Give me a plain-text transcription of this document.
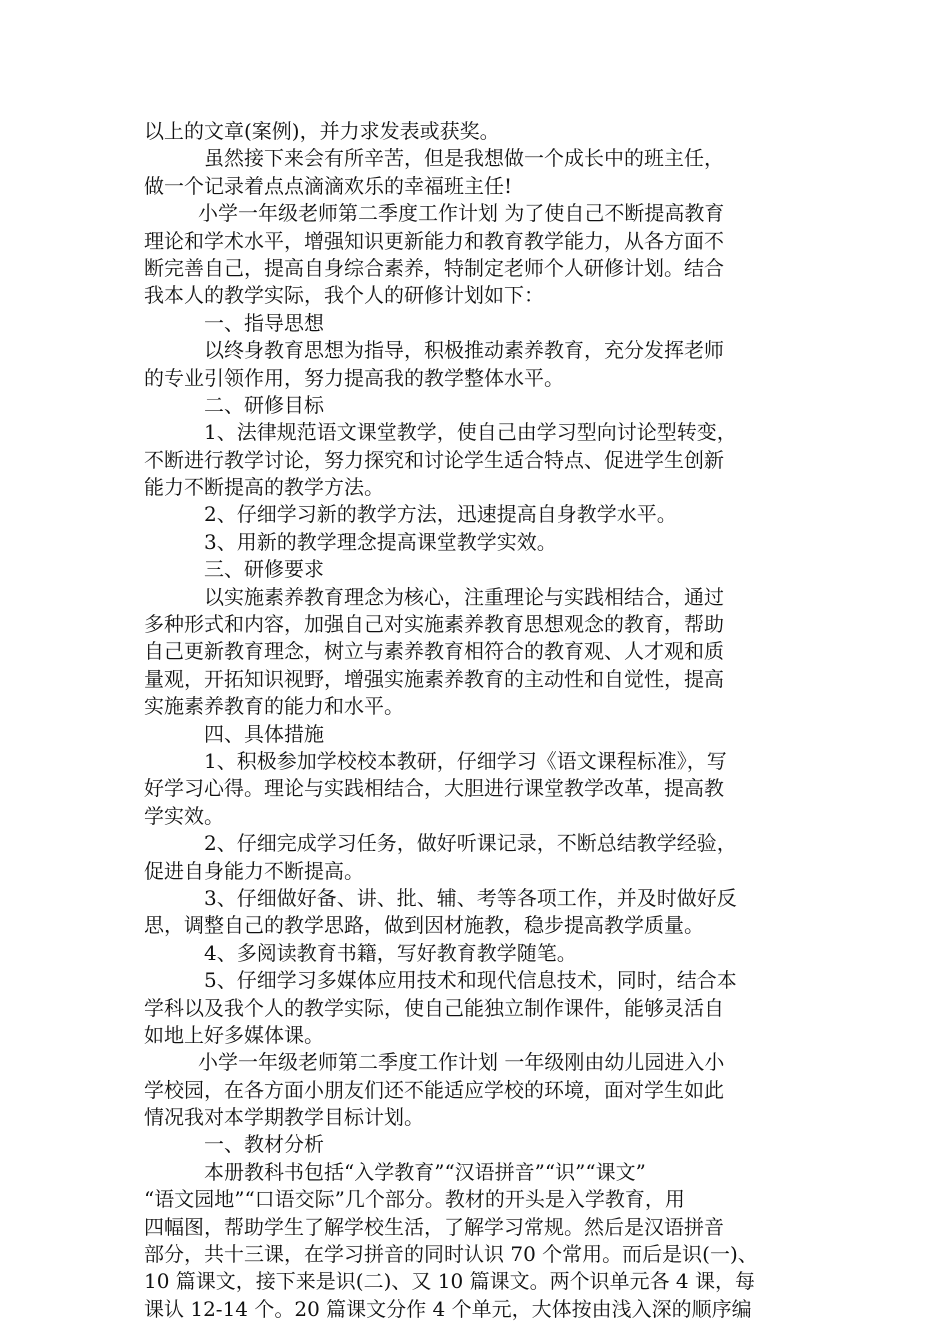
以上的文章(案例)，并力求发表或获奖。
虽然接下来会有所辛苦，但是我想做一个成长中的班主任，
做一个记录着点点滴滴欢乐的幸福班主任!
小学一年级老师第二季度工作计划 为了使自己不断提高教育
理论和学术水平，增强知识更新能力和教育教学能力，从各方面不
断完善自己，提高自身综合素养，特制定老师个人研修计划。结合
我本人的教学实际，我个人的研修计划如下：
一、指导思想
以终身教育思想为指导，积极推动素养教育，充分发挥老师
的专业引领作用，努力提高我的教学整体水平。
二、研修目标
1、法律规范语文课堂教学，使自己由学习型向讨论型转变，
不断进行教学讨论，努力探究和讨论学生适合特点、促进学生创新
能力不断提高的教学方法。
2、仔细学习新的教学方法，迅速提高自身教学水平。
3、用新的教学理念提高课堂教学实效。
三、研修要求
以实施素养教育理念为核心，注重理论与实践相结合，通过
多种形式和内容，加强自己对实施素养教育思想观念的教育，帮助
自己更新教育理念，树立与素养教育相符合的教育观、人才观和质
量观，开拓知识视野，增强实施素养教育的主动性和自觉性，提高
实施素养教育的能力和水平。
四、具体措施
1、积极参加学校校本教研，仔细学习《语文课程标准》，写
好学习心得。理论与实践相结合，大胆进行课堂教学改革，提高教
学实效。
2、仔细完成学习任务，做好听课记录，不断总结教学经验，
促进自身能力不断提高。
3、仔细做好备、讲、批、辅、考等各项工作，并及时做好反
思，调整自己的教学思路，做到因材施教，稳步提高教学质量。
4、多阅读教育书籍，写好教育教学随笔。
5、仔细学习多媒体应用技术和现代信息技术，同时，结合本
学科以及我个人的教学实际，使自己能独立制作课件，能够灵活自
如地上好多媒体课。
小学一年级老师第二季度工作计划 一年级刚由幼儿园进入小
学校园，在各方面小朋友们还不能适应学校的环境，面对学生如此
情况我对本学期教学目标计划。
一、教材分析
本册教科书包括“入学教育”“汉语拼音”“识”“课文”
“语文园地”“口语交际”几个部分。教材的开头是入学教育，用
四幅图，帮助学生了解学校生活，了解学习常规。然后是汉语拼音
部分，共十三课，在学习拼音的同时认识 70 个常用。而后是识(一)、
10 篇课文，接下来是识(二)、又 10 篇课文。两个识单元各 4 课，每
课认 12-14 个。20 篇课文分作 4 个单元，大体按由浅入深的顺序编
